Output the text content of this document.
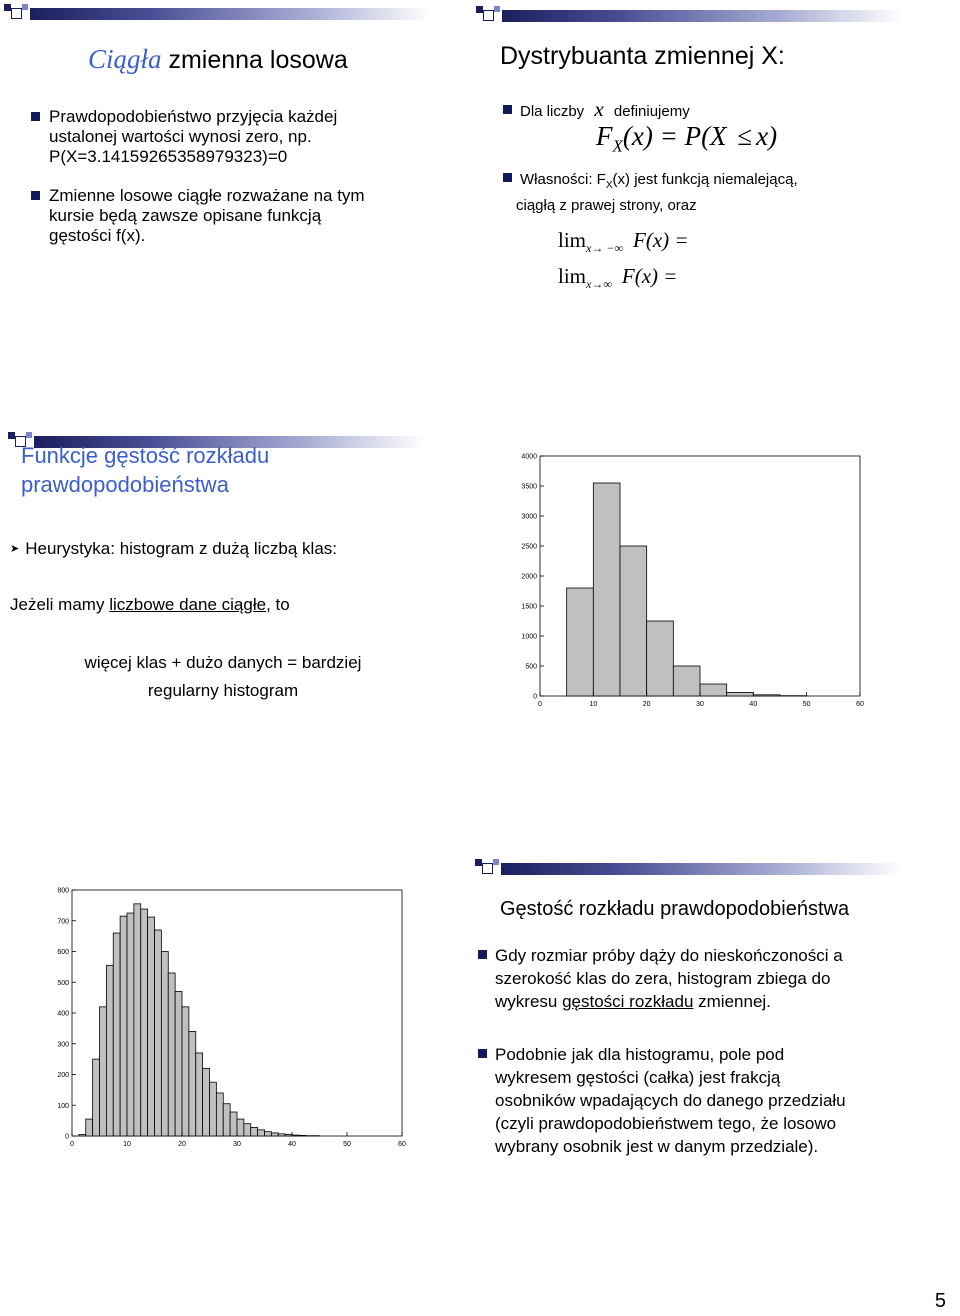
Ciągła zmienna losowa
Prawdopodobieństwo przyjęcia każdej
ustalonej wartości wynosi zero, np.
P(X=3.14159265358979323)=0
Zmienne losowe ciągłe rozważane na tym
kursie będą zawsze opisane funkcją
gęstości f(x).
Dystrybuanta zmiennej X:
Dla liczby x definiujemy
$F_X(x) = P(X \le x)$
Własności: $F_X(x)$ jest funkcją niemalejącą,
ciągłą z prawej strony, oraz
$\lim_{x\to -\infty} F(x)$ =
$\lim_{x\to\infty} F(x)$ =
Funkcje gęstość rozkładu
prawdopodobieństwa
➤ Heurystyka: histogram z dużą liczbą klas:
Jeżeli mamy liczbowe dane ciągłe, to
więcej klas + dużo danych = bardziej
regularny histogram
0	10	20	30	40	50	60
0
500
1000
1500
2000
2500
3000
3500
4000
0	10	20	30	40	50	60
0
100
200
300
400
500
600
700
800
Gęstość rozkładu prawdopodobieństwa
Gdy rozmiar próby dąży do nieskończoności a
szerokość klas do zera, histogram zbiega do
wykresu gęstości rozkładu zmiennej.
Podobnie jak dla histogramu, pole pod
wykresem gęstości (całka) jest frakcją
osobników wpadających do danego przedziału
(czyli prawdopodobieństwem tego, że losowo
wybrany osobnik jest w danym przedziale).
5
